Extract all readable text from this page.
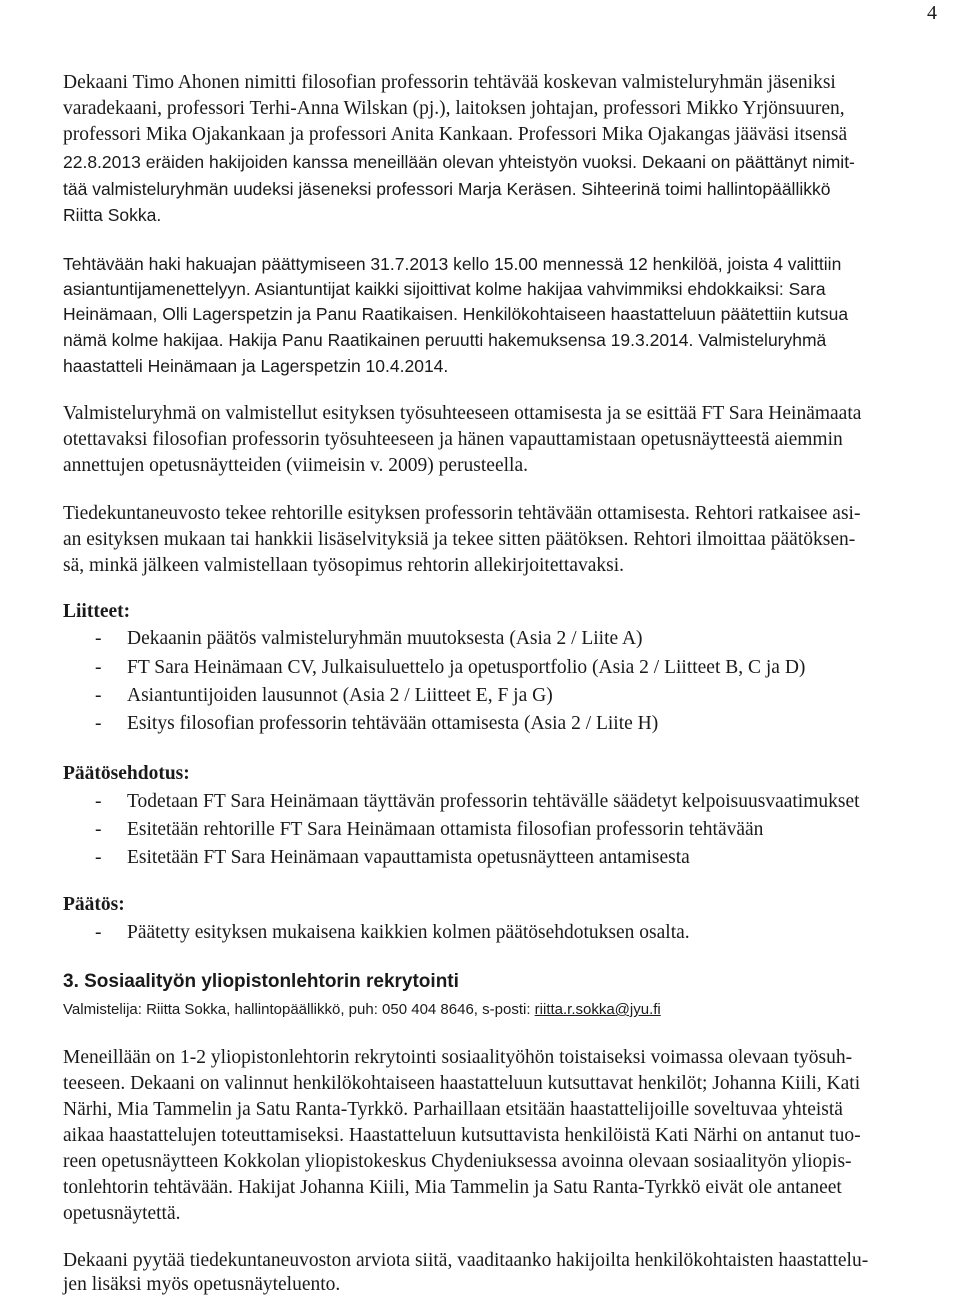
4
Dekaani Timo Ahonen nimitti filosofian professorin tehtävää koskevan valmisteluryhmän jäseniksi
varadekaani, professori Terhi-Anna Wilskan (pj.), laitoksen johtajan, professori Mikko Yrjönsuuren,
professori Mika Ojakankaan ja professori Anita Kankaan. Professori Mika Ojakangas jääväsi itsensä
22.8.2013 eräiden hakijoiden kanssa meneillään olevan yhteistyön vuoksi. Dekaani on päättänyt nimit-
tää valmisteluryhmän uudeksi jäseneksi professori Marja Keräsen. Sihteerinä toimi hallintopäällikkö
Riitta Sokka.
Tehtävään haki hakuajan päättymiseen 31.7.2013 kello 15.00 mennessä 12 henkilöä, joista 4 valittiin
asiantuntijamenettelyyn. Asiantuntijat kaikki sijoittivat kolme hakijaa vahvimmiksi ehdokkaiksi: Sara
Heinämaan, Olli Lagerspetzin ja Panu Raatikaisen. Henkilökohtaiseen haastatteluun päätettiin kutsua
nämä kolme hakijaa. Hakija Panu Raatikainen peruutti hakemuksensa 19.3.2014. Valmisteluryhmä
haastatteli Heinämaan ja Lagerspetzin 10.4.2014.
Valmisteluryhmä on valmistellut esityksen työsuhteeseen ottamisesta ja se esittää FT Sara Heinämaata
otettavaksi filosofian professorin työsuhteeseen ja hänen vapauttamistaan opetusnäytteestä aiemmin
annettujen opetusnäytteiden (viimeisin v. 2009) perusteella.
Tiedekuntaneuvosto tekee rehtorille esityksen professorin tehtävään ottamisesta. Rehtori ratkaisee asi-
an esityksen mukaan tai hankkii lisäselvityksiä ja tekee sitten päätöksen. Rehtori ilmoittaa päätöksen-
sä, minkä jälkeen valmistellaan työsopimus rehtorin allekirjoitettavaksi.
Liitteet:
- Dekaanin päätös valmisteluryhmän muutoksesta (Asia 2 / Liite A)
- FT Sara Heinämaan CV, Julkaisuluettelo ja opetusportfolio (Asia 2 / Liitteet B, C ja D)
- Asiantuntijoiden lausunnot (Asia 2 / Liitteet E, F ja G)
- Esitys filosofian professorin tehtävään ottamisesta (Asia 2 / Liite H)
Päätösehdotus:
- Todetaan FT Sara Heinämaan täyttävän professorin tehtävälle säädetyt kelpoisuusvaatimukset
- Esitetään rehtorille FT Sara Heinämaan ottamista filosofian professorin tehtävään
- Esitetään FT Sara Heinämaan vapauttamista opetusnäytteen antamisesta
Päätös:
- Päätetty esityksen mukaisena kaikkien kolmen päätösehdotuksen osalta.
3. Sosiaalityön yliopistonlehtorin rekrytointi
Valmistelija: Riitta Sokka, hallintopäällikkö, puh: 050 404 8646, s-posti: riitta.r.sokka@jyu.fi
Meneillään on 1-2 yliopistonlehtorin rekrytointi sosiaalityöhön toistaiseksi voimassa olevaan työsuh-
teeseen. Dekaani on valinnut henkilökohtaiseen haastatteluun kutsuttavat henkilöt; Johanna Kiili, Kati
Närhi, Mia Tammelin ja Satu Ranta-Tyrkkö. Parhaillaan etsitään haastattelijoille soveltuvaa yhteistä
aikaa haastattelujen toteuttamiseksi. Haastatteluun kutsuttavista henkilöistä Kati Närhi on antanut tuo-
reen opetusnäytteen Kokkolan yliopistokeskus Chydeniuksessa avoinna olevaan sosiaalityön yliopis-
tonlehtorin tehtävään. Hakijat Johanna Kiili, Mia Tammelin ja Satu Ranta-Tyrkkö eivät ole antaneet
opetusnäytettä.
Dekaani pyytää tiedekuntaneuvoston arviota siitä, vaaditaanko hakijoilta henkilökohtaisten haastattelu-
jen lisäksi myös opetusnäyteluento.
